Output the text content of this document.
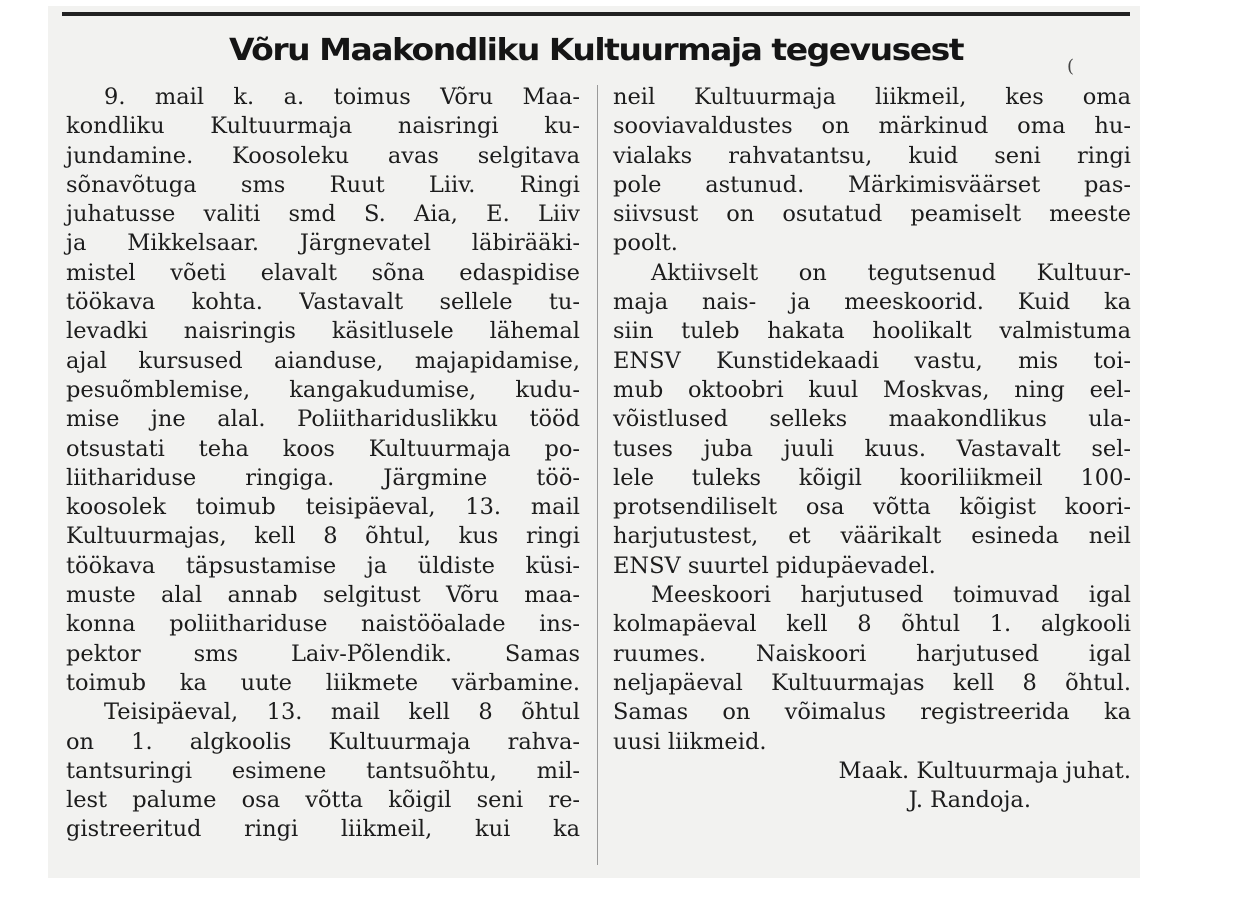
Võru Maakondliku Kultuurmaja tegevusest	(
9. mail k. a. toimus Võru Maa-
kondliku Kultuurmaja naisringi ku-
jundamine. Koosoleku avas selgitava
sõnavõtuga sms Ruut Liiv. Ringi
juhatusse valiti smd S. Aia, E. Liiv
ja Mikkelsaar. Järgnevatel läbirääki-
mistel võeti elavalt sõna edaspidise
töökava kohta. Vastavalt sellele tu-
levadki naisringis käsitlusele lähemal
ajal kursused aianduse, majapidamise,
pesuõmblemise, kangakudumise, kudu-
mise jne alal. Poliithariduslikku tööd
otsustati teha koos Kultuurmaja po-
liithariduse ringiga. Järgmine töö-
koosolek toimub teisipäeval, 13. mail
Kultuurmajas, kell 8 õhtul, kus ringi
töökava täpsustamise ja üldiste küsi-
muste alal annab selgitust Võru maa-
konna poliithariduse naistööalade ins-
pektor sms Laiv-Põlendik. Samas
toimub ka uute liikmete värbamine.
Teisipäeval, 13. mail kell 8 õhtul
on 1. algkoolis Kultuurmaja rahva-
tantsuringi esimene tantsuõhtu, mil-
lest palume osa võtta kõigil seni re-
gistreeritud ringi liikmeil, kui ka
neil Kultuurmaja liikmeil, kes oma
sooviavaldustes on märkinud oma hu-
vialaks rahvatantsu, kuid seni ringi
pole astunud. Märkimisväärset pas-
siivsust on osutatud peamiselt meeste
poolt.
Aktiivselt on tegutsenud Kultuur-
maja nais- ja meeskoorid. Kuid ka
siin tuleb hakata hoolikalt valmistuma
ENSV Kunstidekaadi vastu, mis toi-
mub oktoobri kuul Moskvas, ning eel-
võistlused selleks maakondlikus ula-
tuses juba juuli kuus. Vastavalt sel-
lele tuleks kõigil kooriliikmeil 100-
protsendiliselt osa võtta kõigist koori-
harjutustest, et väärikalt esineda neil
ENSV suurtel pidupäevadel.
Meeskoori harjutused toimuvad igal
kolmapäeval kell 8 õhtul 1. algkooli
ruumes. Naiskoori harjutused igal
neljapäeval Kultuurmajas kell 8 õhtul.
Samas on võimalus registreerida ka
uusi liikmeid.
Maak. Kultuurmaja juhat.
J. Randoja.
